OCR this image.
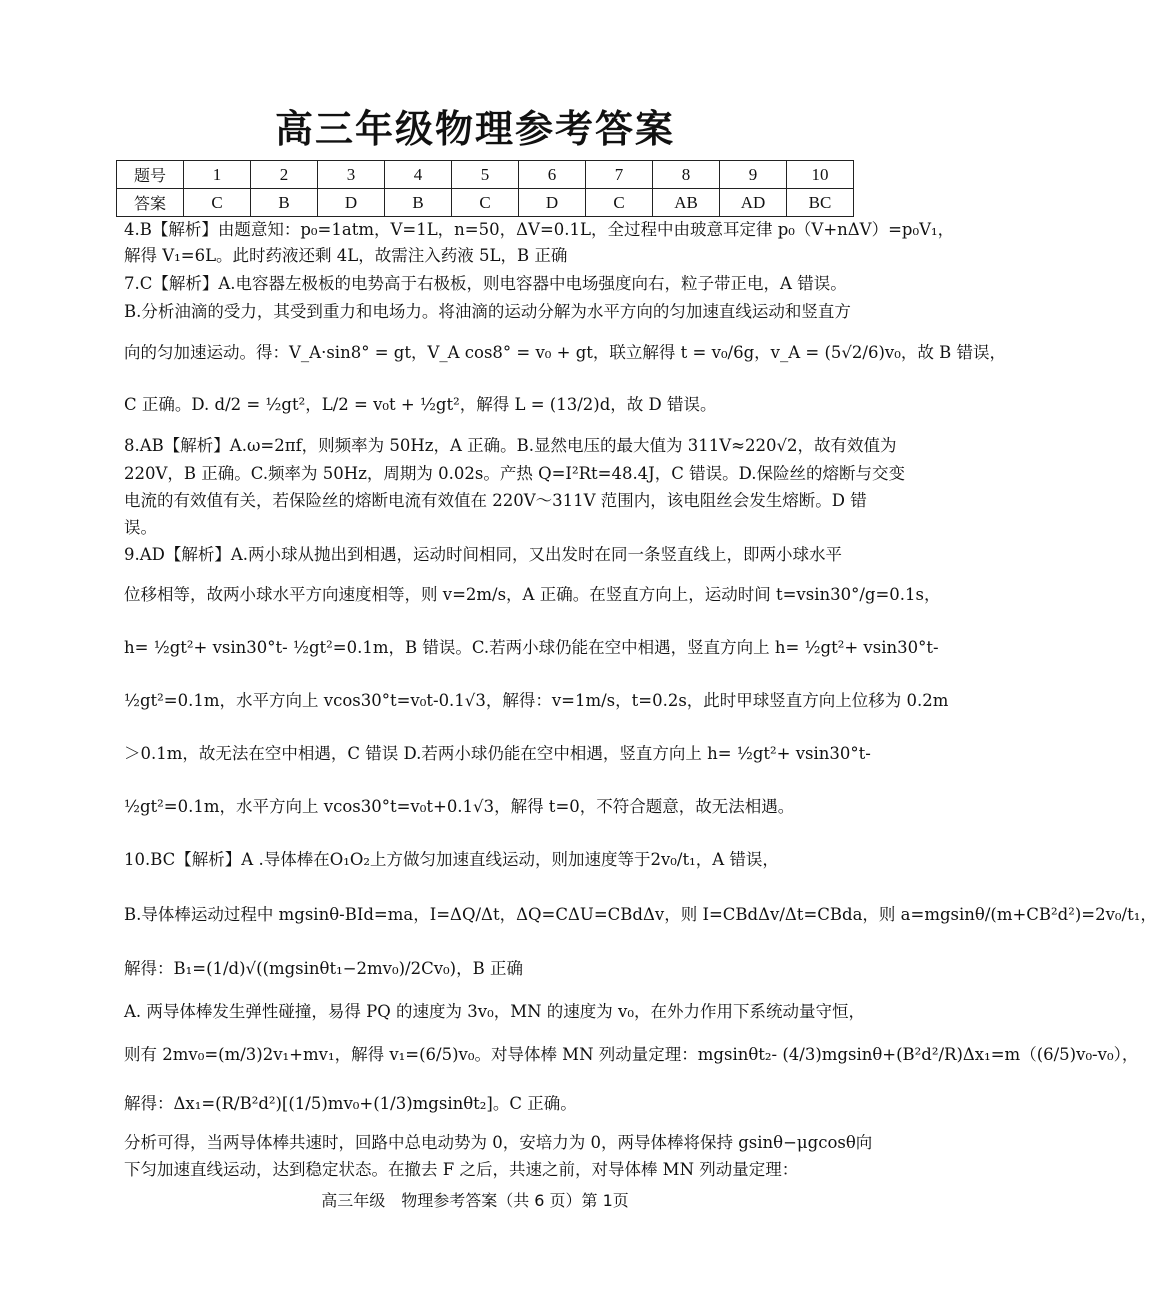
高三年级物理参考答案
题号	1	2	3	4	5	6	7	8	9	10
答案	C	B	D	B	C	D	C	AB	AD	BC
4.B【解析】由题意知：p₀=1atm，V=1L，n=50，ΔV=0.1L，全过程中由玻意耳定律 p₀（V+nΔV）=p₀V₁，
解得 V₁=6L。此时药液还剩 4L，故需注入药液 5L，B 正确
7.C【解析】A.电容器左极板的电势高于右极板，则电容器中电场强度向右，粒子带正电，A 错误。
B.分析油滴的受力，其受到重力和电场力。将油滴的运动分解为水平方向的匀加速直线运动和竖直方
向的匀加速运动。得：V_A·sin8° = gt，V_A cos8° = v₀ + gt，联立解得 t = v₀/6g，v_A = (5√2/6)v₀，故 B 错误，
C 正确。D. d/2 = ½gt²，L/2 = v₀t + ½gt²，解得 L = (13/2)d，故 D 错误。
8.AB【解析】A.ω=2πf，则频率为 50Hz，A 正确。B.显然电压的最大值为 311V≈220√2，故有效值为
220V，B 正确。C.频率为 50Hz，周期为 0.02s。产热 Q=I²Rt=48.4J，C 错误。D.保险丝的熔断与交变
电流的有效值有关，若保险丝的熔断电流有效值在 220V～311V 范围内，该电阻丝会发生熔断。D 错
误。
9.AD【解析】A.两小球从抛出到相遇，运动时间相同，又出发时在同一条竖直线上，即两小球水平
位移相等，故两小球水平方向速度相等，则 v=2m/s，A 正确。在竖直方向上，运动时间 t=vsin30°/g=0.1s，
h= ½gt²+ vsin30°t- ½gt²=0.1m，B 错误。C.若两小球仍能在空中相遇，竖直方向上 h= ½gt²+ vsin30°t-
½gt²=0.1m，水平方向上 vcos30°t=v₀t-0.1√3，解得：v=1m/s，t=0.2s，此时甲球竖直方向上位移为 0.2m
＞0.1m，故无法在空中相遇，C 错误 D.若两小球仍能在空中相遇，竖直方向上 h= ½gt²+ vsin30°t-
½gt²=0.1m，水平方向上 vcos30°t=v₀t+0.1√3，解得 t=0，不符合题意，故无法相遇。
10.BC【解析】A .导体棒在O₁O₂上方做匀加速直线运动，则加速度等于2v₀/t₁，A 错误，
B.导体棒运动过程中 mgsinθ-BId=ma，I=ΔQ/Δt，ΔQ=CΔU=CBdΔv，则 I=CBdΔv/Δt=CBda，则 a=mgsinθ/(m+CB²d²)=2v₀/t₁，
解得：B₁=(1/d)√((mgsinθt₁−2mv₀)/2Cv₀)，B 正确
A. 两导体棒发生弹性碰撞，易得 PQ 的速度为 3v₀，MN 的速度为 v₀，在外力作用下系统动量守恒，
则有 2mv₀=(m/3)2v₁+mv₁，解得 v₁=(6/5)v₀。对导体棒 MN 列动量定理：mgsinθt₂- (4/3)mgsinθ+(B²d²/R)Δx₁=m（(6/5)v₀-v₀），
解得：Δx₁=(R/B²d²)[(1/5)mv₀+(1/3)mgsinθt₂]。C 正确。
分析可得，当两导体棒共速时，回路中总电动势为 0，安培力为 0，两导体棒将保持 gsinθ−μgcosθ向
下匀加速直线运动，达到稳定状态。在撤去 F 之后，共速之前，对导体棒 MN 列动量定理：
高三年级　物理参考答案（共 6 页）第 1页
